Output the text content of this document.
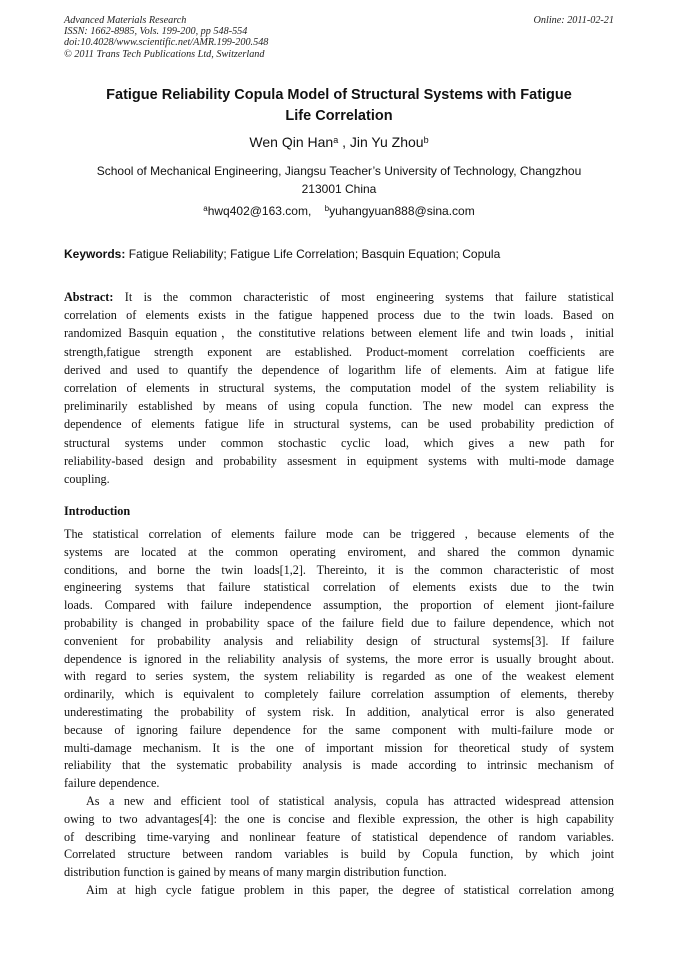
Advanced Materials Research
ISSN: 1662-8985, Vols. 199-200, pp 548-554
doi:10.4028/www.scientific.net/AMR.199-200.548
© 2011 Trans Tech Publications Ltd, Switzerland
Online: 2011-02-21
Fatigue Reliability Copula Model of Structural Systems with Fatigue
Life Correlation
Wen Qin Han$^a$ , Jin Yu Zhou$^b$
School of Mechanical Engineering, Jiangsu Teacher’s University of Technology, Changzhou
213001 China
$^a$hwq402@163.com, $^b$yuhangyuan888@sina.com
Keywords: Fatigue Reliability; Fatigue Life Correlation; Basquin Equation; Copula
Abstract: It is the common characteristic of most engineering systems that failure statistical
correlation of elements exists in the fatigue happened process due to the twin loads. Based on
randomized Basquin equation，the constitutive relations between element life and twin loads，initial
strength,fatigue strength exponent are established. Product-moment correlation coefficients are
derived and used to quantify the dependence of logarithm life of elements. Aim at fatigue life
correlation of elements in structural systems, the computation model of the system reliability is
preliminarily established by means of using copula function. The new model can express the
dependence of elements fatigue life in structural systems, can be used probability prediction of
structural systems under common stochastic cyclic load, which gives a new path for
reliability-based design and probability assesment in equipment systems with multi-mode damage
coupling.
Introduction

The statistical correlation of elements failure mode can be triggered , because elements of the
systems are located at the common operating enviroment, and shared the common dynamic
conditions, and borne the twin loads[1,2]. Thereinto, it is the common characteristic of most
engineering systems that failure statistical correlation of elements exists due to the twin
loads. Compared with failure independence assumption, the proportion of element jiont-failure
probability is changed in probability space of the failure field due to failure dependence, which not
convenient for probability analysis and reliability design of structural systems[3]. If failure
dependence is ignored in the reliability analysis of systems, the more error is usually brought about.
with regard to series system, the system reliability is regarded as one of the weakest element
ordinarily, which is equivalent to completely failure correlation assumption of elements, thereby
underestimating the probability of system risk. In addition, analytical error is also generated
because of ignoring failure dependence for the same component with multi-failure mode or
multi-damage mechanism. It is the one of important mission for theoretical study of system
reliability that the systematic probability analysis is made according to intrinsic mechanism of
failure dependence.

As a new and efficient tool of statistical analysis, copula has attracted widespread attension
owing to two advantages[4]: the one is concise and flexible expression, the other is high capability
of describing time-varying and nonlinear feature of statistical dependence of random variables.
Correlated structure between random variables is build by Copula function, by which joint
distribution function is gained by means of many margin distribution function.

Aim at high cycle fatigue problem in this paper, the degree of statistical correlation among
